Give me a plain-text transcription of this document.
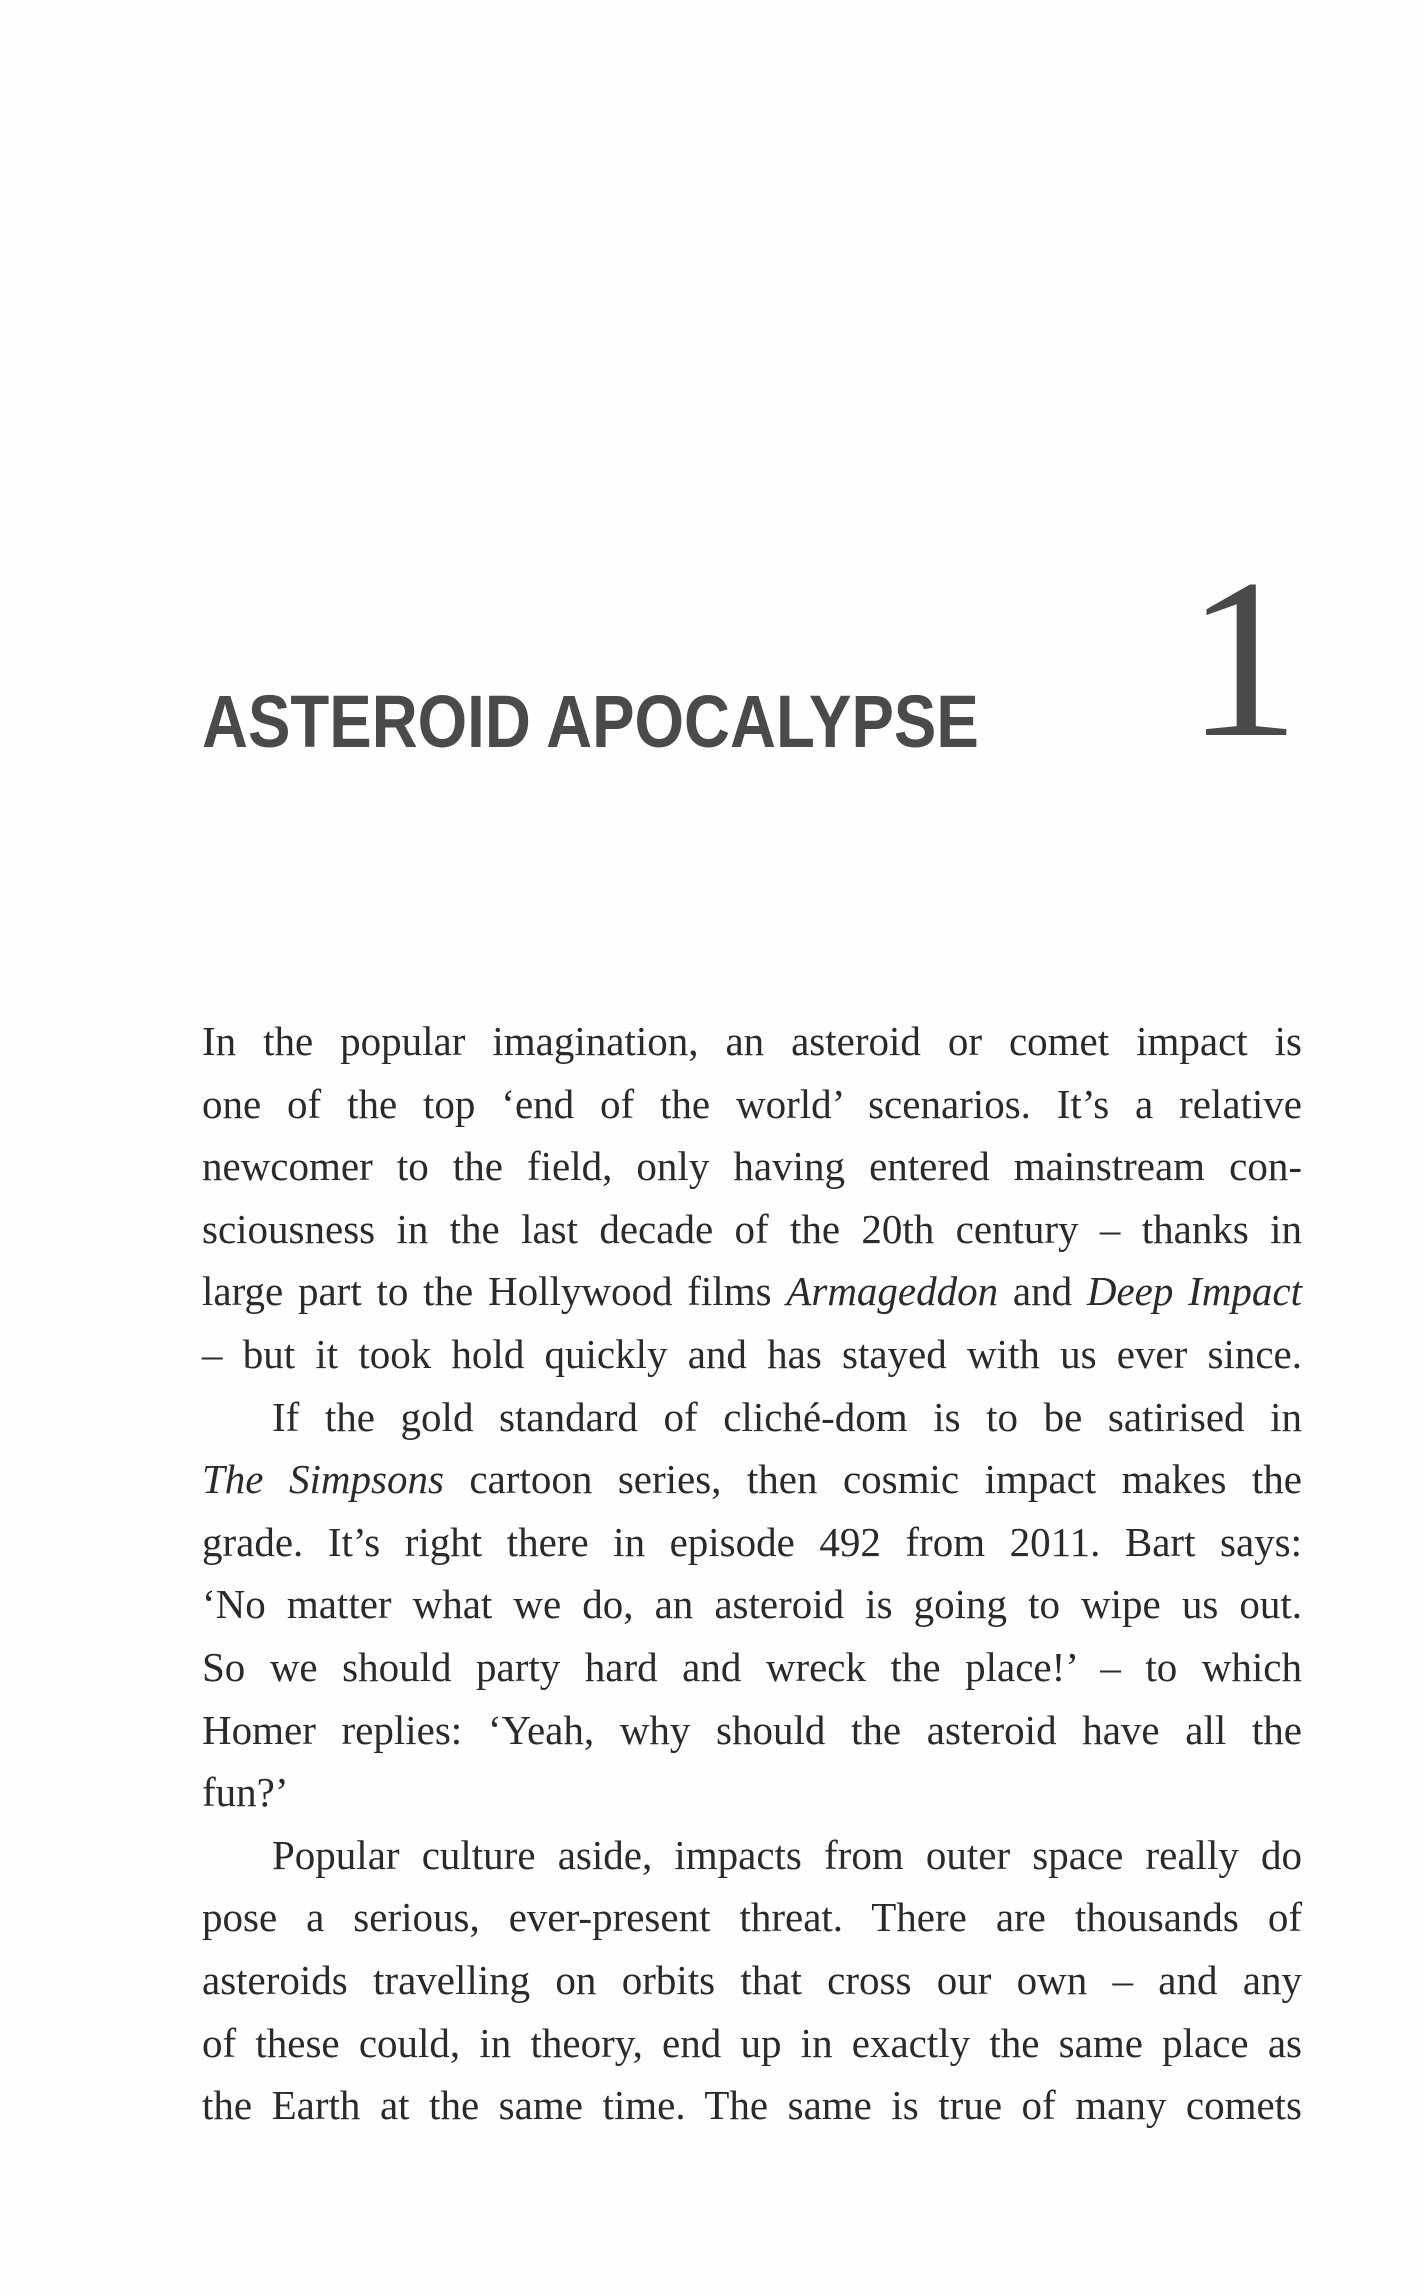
1
ASTEROID APOCALYPSE
In the popular imagination, an asteroid or comet impact is
one of the top ‘end of the world’ scenarios. It’s a relative
newcomer to the field, only having entered mainstream con-
sciousness in the last decade of the 20th century – thanks in
large part to the Hollywood films Armageddon and Deep Impact
– but it took hold quickly and has stayed with us ever since.
If the gold standard of cliché-dom is to be satirised in
The Simpsons cartoon series, then cosmic impact makes the
grade. It’s right there in episode 492 from 2011. Bart says:
‘No matter what we do, an asteroid is going to wipe us out.
So we should party hard and wreck the place!’ – to which
Homer replies: ‘Yeah, why should the asteroid have all the
fun?’
Popular culture aside, impacts from outer space really do
pose a serious, ever-present threat. There are thousands of
asteroids travelling on orbits that cross our own – and any
of these could, in theory, end up in exactly the same place as
the Earth at the same time. The same is true of many comets
